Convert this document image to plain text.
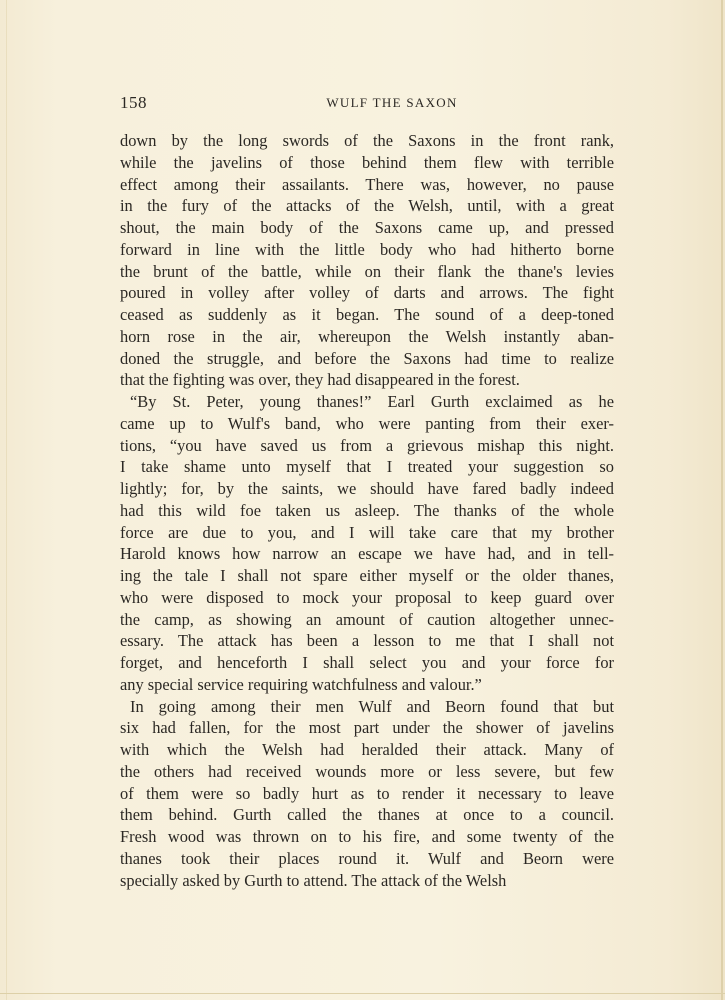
158	WULF THE SAXON
down by the long swords of the Saxons in the front rank,
while the javelins of those behind them flew with terrible
effect among their assailants. There was, however, no pause
in the fury of the attacks of the Welsh, until, with a great
shout, the main body of the Saxons came up, and pressed
forward in line with the little body who had hitherto borne
the brunt of the battle, while on their flank the thane's levies
poured in volley after volley of darts and arrows. The fight
ceased as suddenly as it began. The sound of a deep-toned
horn rose in the air, whereupon the Welsh instantly aban-
doned the struggle, and before the Saxons had time to realize
that the fighting was over, they had disappeared in the forest.
“By St. Peter, young thanes!” Earl Gurth exclaimed as he
came up to Wulf's band, who were panting from their exer-
tions, “you have saved us from a grievous mishap this night.
I take shame unto myself that I treated your suggestion so
lightly; for, by the saints, we should have fared badly indeed
had this wild foe taken us asleep. The thanks of the whole
force are due to you, and I will take care that my brother
Harold knows how narrow an escape we have had, and in tell-
ing the tale I shall not spare either myself or the older thanes,
who were disposed to mock your proposal to keep guard over
the camp, as showing an amount of caution altogether unnec-
essary. The attack has been a lesson to me that I shall not
forget, and henceforth I shall select you and your force for
any special service requiring watchfulness and valour.”
In going among their men Wulf and Beorn found that but
six had fallen, for the most part under the shower of javelins
with which the Welsh had heralded their attack. Many of
the others had received wounds more or less severe, but few
of them were so badly hurt as to render it necessary to leave
them behind. Gurth called the thanes at once to a council.
Fresh wood was thrown on to his fire, and some twenty of the
thanes took their places round it. Wulf and Beorn were
specially asked by Gurth to attend. The attack of the Welsh
